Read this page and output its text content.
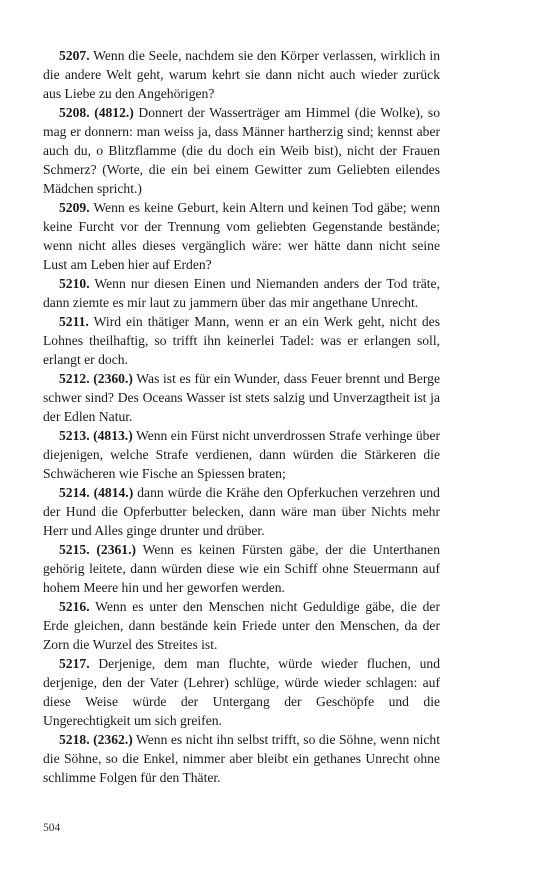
5207. Wenn die Seele, nachdem sie den Körper verlassen, wirklich in die andere Welt geht, warum kehrt sie dann nicht auch wieder zurück aus Liebe zu den Angehörigen?

5208. (4812.) Donnert der Wasserträger am Himmel (die Wolke), so mag er donnern: man weiss ja, dass Männer hartherzig sind; kennst aber auch du, o Blitzflamme (die du doch ein Weib bist), nicht der Frauen Schmerz? (Worte, die ein bei einem Gewitter zum Geliebten eilendes Mädchen spricht.)

5209. Wenn es keine Geburt, kein Altern und keinen Tod gäbe; wenn keine Furcht vor der Trennung vom geliebten Gegenstande bestände; wenn nicht alles dieses vergänglich wäre: wer hätte dann nicht seine Lust am Leben hier auf Erden?

5210. Wenn nur diesen Einen und Niemanden anders der Tod träte, dann ziemte es mir laut zu jammern über das mir angethane Unrecht.

5211. Wird ein thätiger Mann, wenn er an ein Werk geht, nicht des Lohnes theilhaftig, so trifft ihn keinerlei Tadel: was er erlangen soll, erlangt er doch.

5212. (2360.) Was ist es für ein Wunder, dass Feuer brennt und Berge schwer sind? Des Oceans Wasser ist stets salzig und Unverzagtheit ist ja der Edlen Natur.

5213. (4813.) Wenn ein Fürst nicht unverdrossen Strafe verhinge über diejenigen, welche Strafe verdienen, dann würden die Stärkeren die Schwächeren wie Fische an Spiessen braten;

5214. (4814.) dann würde die Krähe den Opferkuchen verzehren und der Hund die Opferbutter belecken, dann wäre man über Nichts mehr Herr und Alles ginge drunter und drüber.

5215. (2361.) Wenn es keinen Fürsten gäbe, der die Unterthanen gehörig leitete, dann würden diese wie ein Schiff ohne Steuermann auf hohem Meere hin und her geworfen werden.

5216. Wenn es unter den Menschen nicht Geduldige gäbe, die der Erde gleichen, dann bestände kein Friede unter den Menschen, da der Zorn die Wurzel des Streites ist.

5217. Derjenige, dem man fluchte, würde wieder fluchen, und derjenige, den der Vater (Lehrer) schlüge, würde wieder schlagen: auf diese Weise würde der Untergang der Geschöpfe und die Ungerechtigkeit um sich greifen.

5218. (2362.) Wenn es nicht ihn selbst trifft, so die Söhne, wenn nicht die Söhne, so die Enkel, nimmer aber bleibt ein gethanes Unrecht ohne schlimme Folgen für den Thäter.

504
